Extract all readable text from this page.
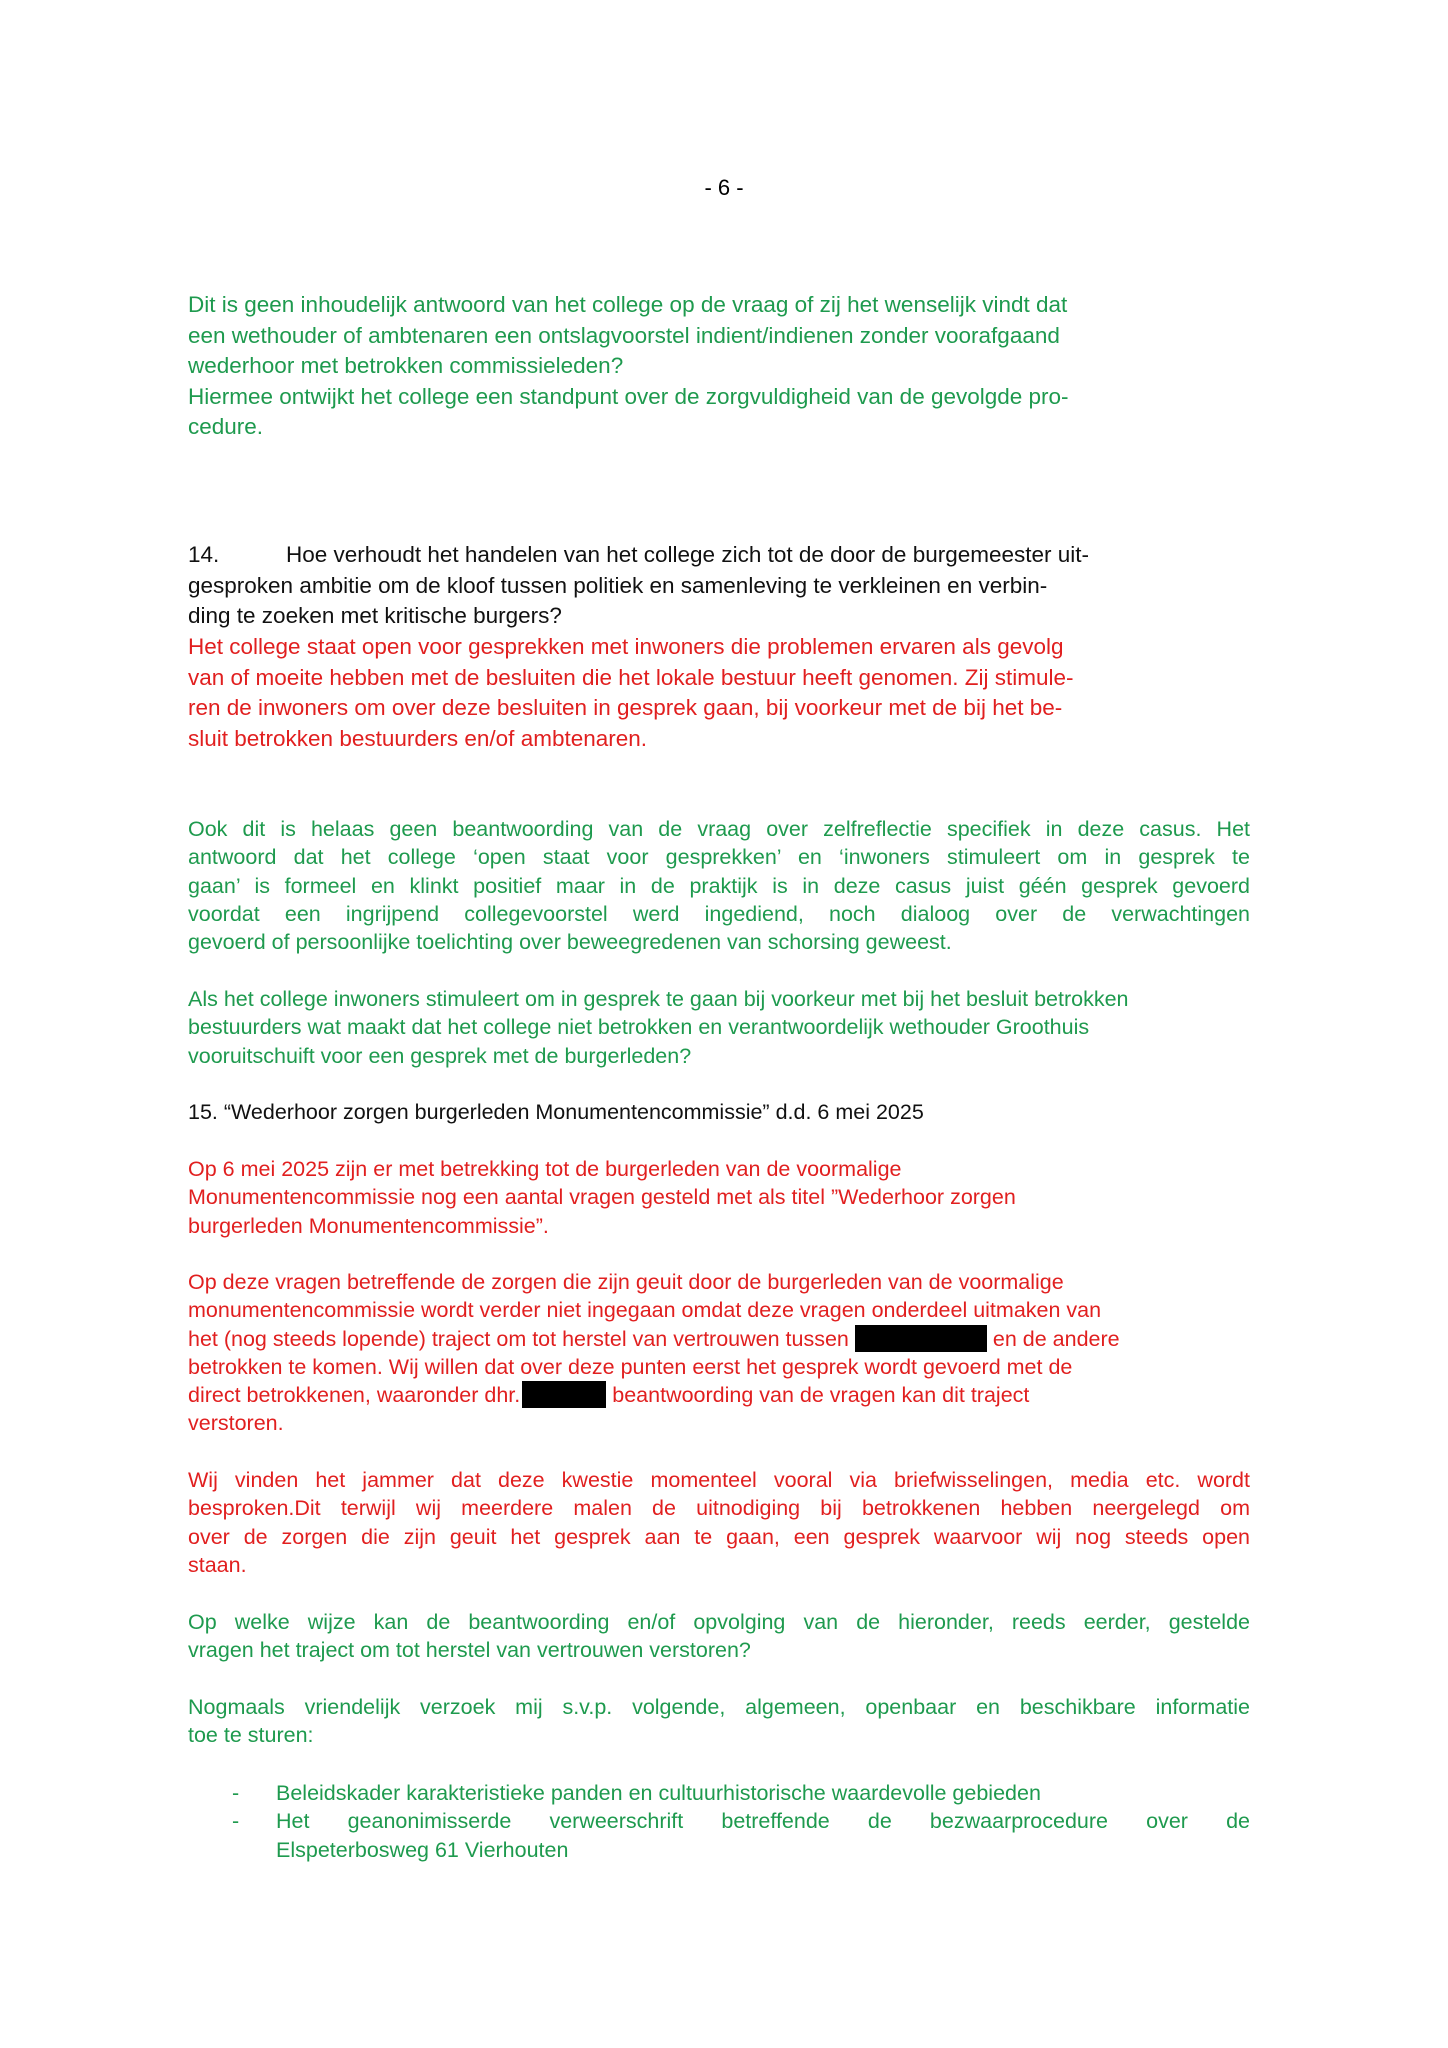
- 6 -
Dit is geen inhoudelijk antwoord van het college op de vraag of zij het wenselijk vindt dat
een wethouder of ambtenaren een ontslagvoorstel indient/indienen zonder voorafgaand
wederhoor met betrokken commissieleden?
Hiermee ontwijkt het college een standpunt over de zorgvuldigheid van de gevolgde pro-
cedure.
14.	Hoe verhoudt het handelen van het college zich tot de door de burgemeester uit-
gesproken ambitie om de kloof tussen politiek en samenleving te verkleinen en verbin-
ding te zoeken met kritische burgers?
Het college staat open voor gesprekken met inwoners die problemen ervaren als gevolg
van of moeite hebben met de besluiten die het lokale bestuur heeft genomen. Zij stimule-
ren de inwoners om over deze besluiten in gesprek gaan, bij voorkeur met de bij het be-
sluit betrokken bestuurders en/of ambtenaren.
Ook dit is helaas geen beantwoording van de vraag over zelfreflectie specifiek in deze casus. Het
antwoord dat het college ‘open staat voor gesprekken’ en ‘inwoners stimuleert om in gesprek te
gaan’ is formeel en klinkt positief maar in de praktijk is in deze casus juist géén gesprek gevoerd
voordat een ingrijpend collegevoorstel werd ingediend, noch dialoog over de verwachtingen
gevoerd of persoonlijke toelichting over beweegredenen van schorsing geweest.
Als het college inwoners stimuleert om in gesprek te gaan bij voorkeur met bij het besluit betrokken
bestuurders wat maakt dat het college niet betrokken en verantwoordelijk wethouder Groothuis
vooruitschuift voor een gesprek met de burgerleden?
15. “Wederhoor zorgen burgerleden Monumentencommissie” d.d. 6 mei 2025
Op 6 mei 2025 zijn er met betrekking tot de burgerleden van de voormalige
Monumentencommissie nog een aantal vragen gesteld met als titel ”Wederhoor zorgen
burgerleden Monumentencommissie”.
Op deze vragen betreffende de zorgen die zijn geuit door de burgerleden van de voormalige
monumentencommissie wordt verder niet ingegaan omdat deze vragen onderdeel uitmaken van
het (nog steeds lopende) traject om tot herstel van vertrouwen tussen	en de andere
betrokken te komen. Wij willen dat over deze punten eerst het gesprek wordt gevoerd met de
direct betrokkenen, waaronder dhr.	beantwoording van de vragen kan dit traject
verstoren.
Wij vinden het jammer dat deze kwestie momenteel vooral via briefwisselingen, media etc. wordt
besproken.Dit terwijl wij meerdere malen de uitnodiging bij betrokkenen hebben neergelegd om
over de zorgen die zijn geuit het gesprek aan te gaan, een gesprek waarvoor wij nog steeds open
staan.
Op welke wijze kan de beantwoording en/of opvolging van de hieronder, reeds eerder, gestelde
vragen het traject om tot herstel van vertrouwen verstoren?
Nogmaals vriendelijk verzoek mij s.v.p. volgende, algemeen, openbaar en beschikbare informatie
toe te sturen:
- Beleidskader karakteristieke panden en cultuurhistorische waardevolle gebieden
- Het geanonimisserde verweerschrift betreffende de bezwaarprocedure over de
Elspeterbosweg 61 Vierhouten
